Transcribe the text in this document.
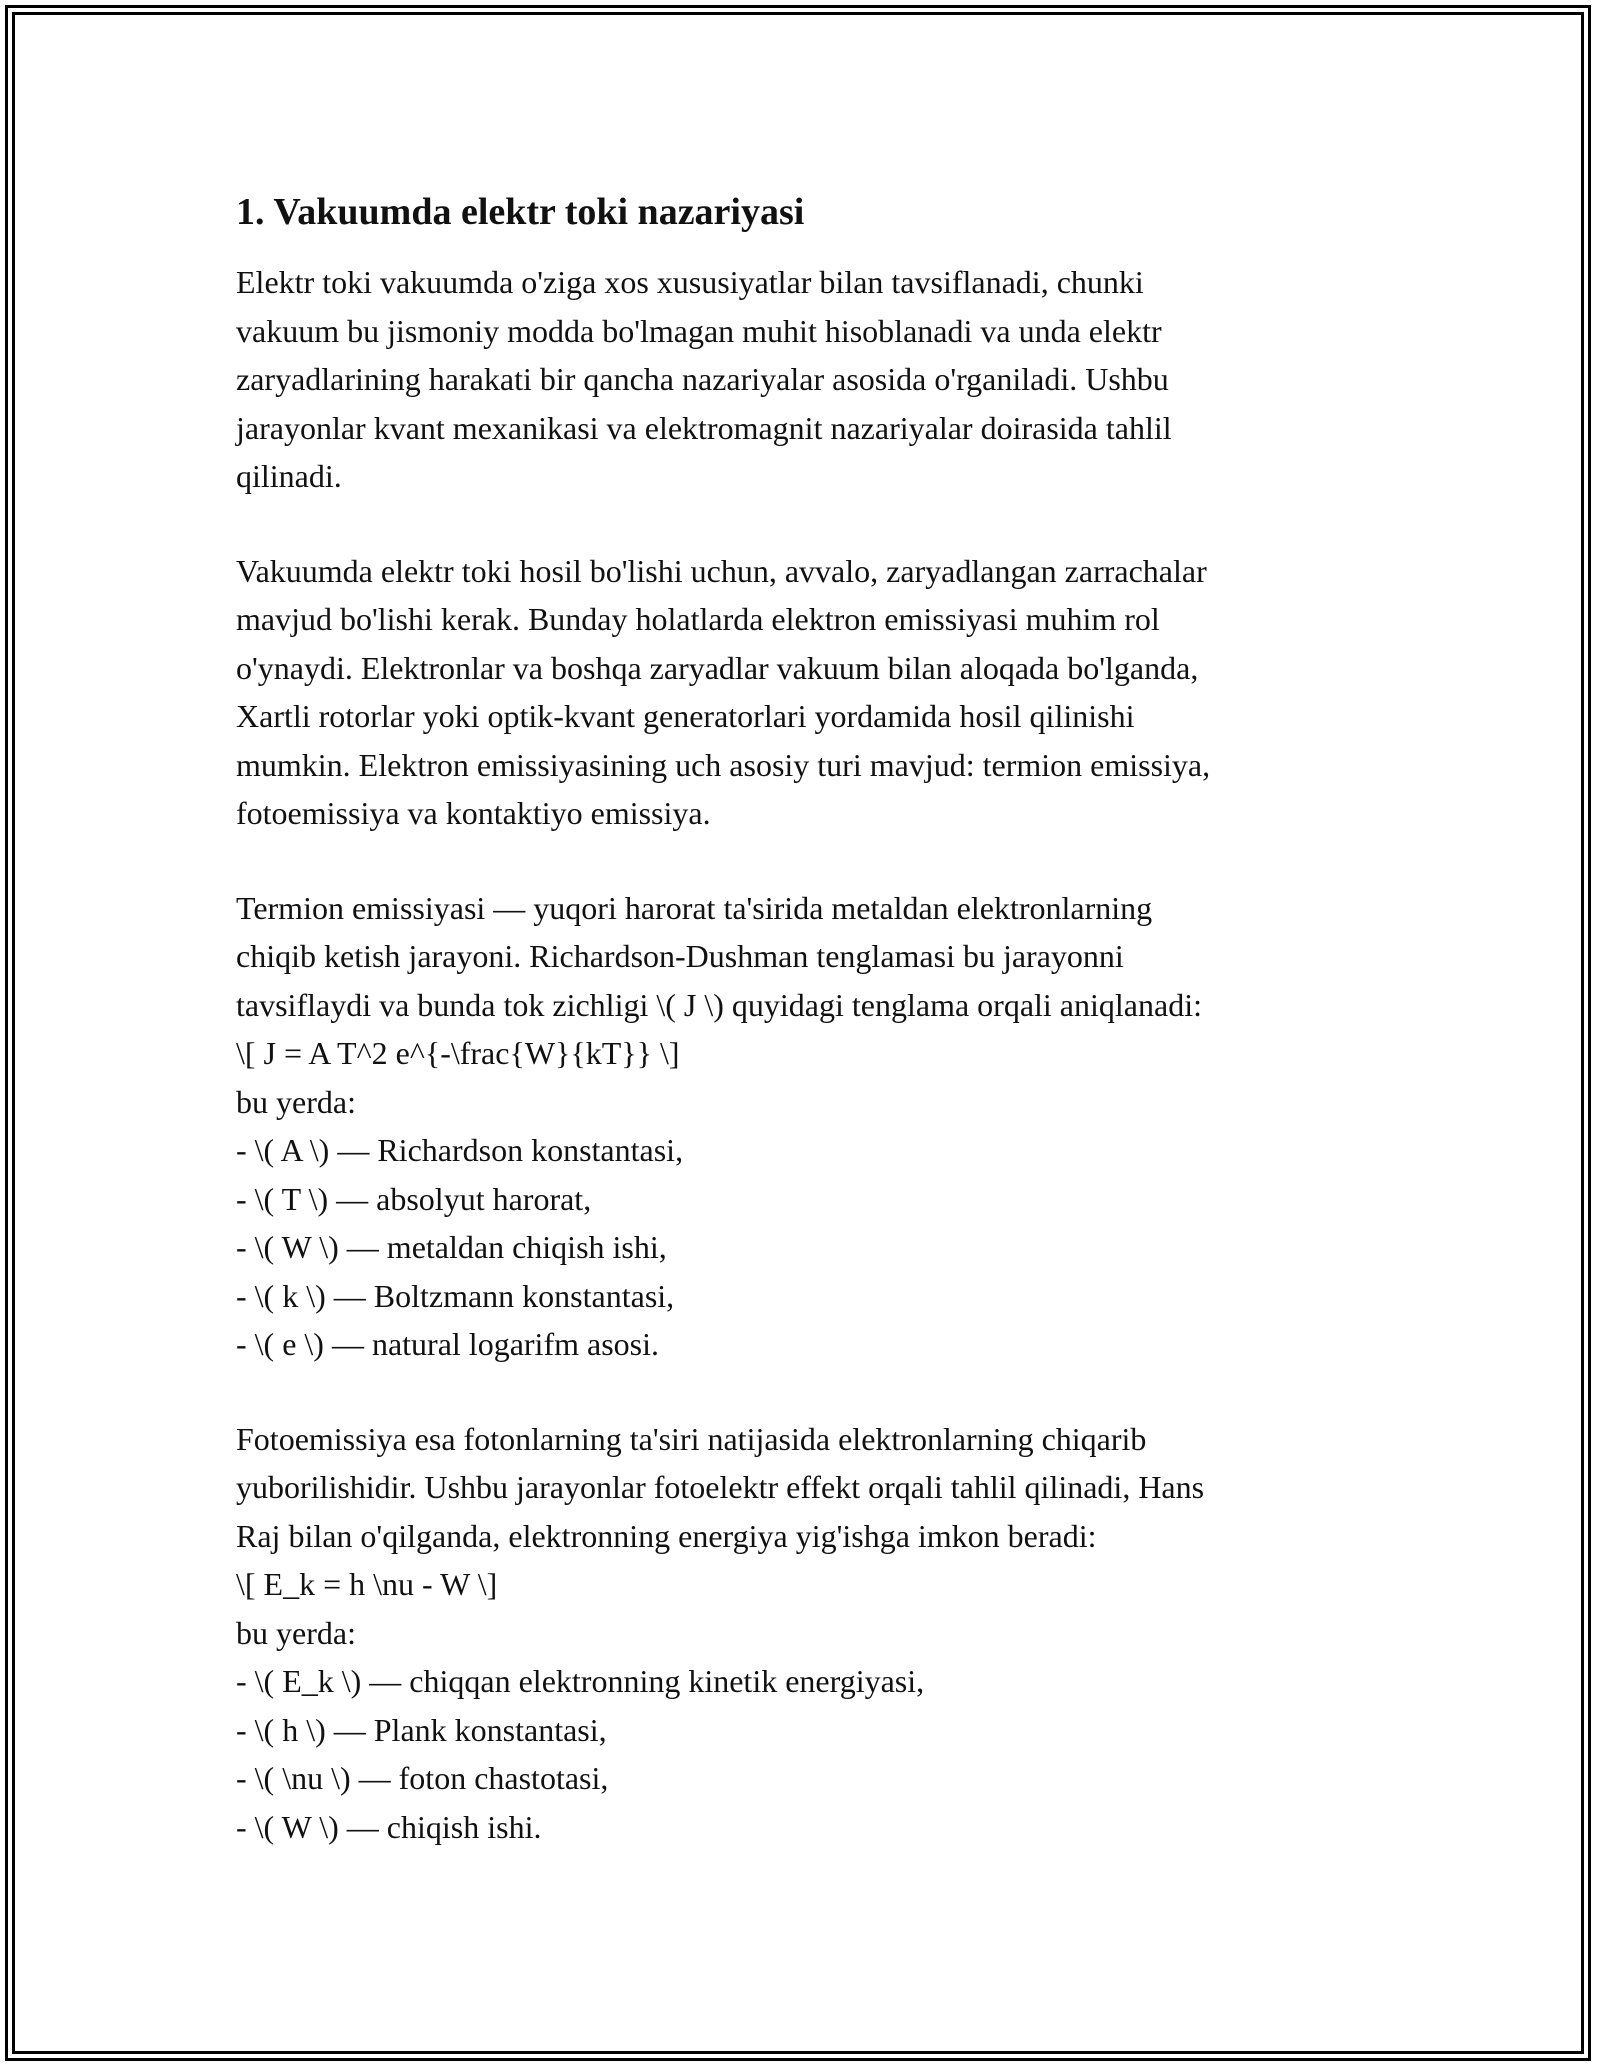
1. Vakuumda elektr toki nazariyasi

Elektr toki vakuumda o'ziga xos xususiyatlar bilan tavsiflanadi, chunki
vakuum bu jismoniy modda bo'lmagan muhit hisoblanadi va unda elektr
zaryadlarining harakati bir qancha nazariyalar asosida o'rganiladi. Ushbu
jarayonlar kvant mexanikasi va elektromagnit nazariyalar doirasida tahlil
qilinadi.

Vakuumda elektr toki hosil bo'lishi uchun, avvalo, zaryadlangan zarrachalar
mavjud bo'lishi kerak. Bunday holatlarda elektron emissiyasi muhim rol
o'ynaydi. Elektronlar va boshqa zaryadlar vakuum bilan aloqada bo'lganda,
Xartli rotorlar yoki optik-kvant generatorlari yordamida hosil qilinishi
mumkin. Elektron emissiyasining uch asosiy turi mavjud: termion emissiya,
fotoemissiya va kontaktiyo emissiya.

Termion emissiyasi — yuqori harorat ta'sirida metaldan elektronlarning
chiqib ketish jarayoni. Richardson-Dushman tenglamasi bu jarayonni
tavsiflaydi va bunda tok zichligi \( J \) quyidagi tenglama orqali aniqlanadi:
\[ J = A T^2 e^{-\frac{W}{kT}} \]
bu yerda:
- \( A \) — Richardson konstantasi,
- \( T \) — absolyut harorat,
- \( W \) — metaldan chiqish ishi,
- \( k \) — Boltzmann konstantasi,
- \( e \) — natural logarifm asosi.

Fotoemissiya esa fotonlarning ta'siri natijasida elektronlarning chiqarib
yuborilishidir. Ushbu jarayonlar fotoelektr effekt orqali tahlil qilinadi, Hans
Raj bilan o'qilganda, elektronning energiya yig'ishga imkon beradi:
\[ E_k = h \nu - W \]
bu yerda:
- \( E_k \) — chiqqan elektronning kinetik energiyasi,
- \( h \) — Plank konstantasi,
- \( \nu \) — foton chastotasi,
- \( W \) — chiqish ishi.
